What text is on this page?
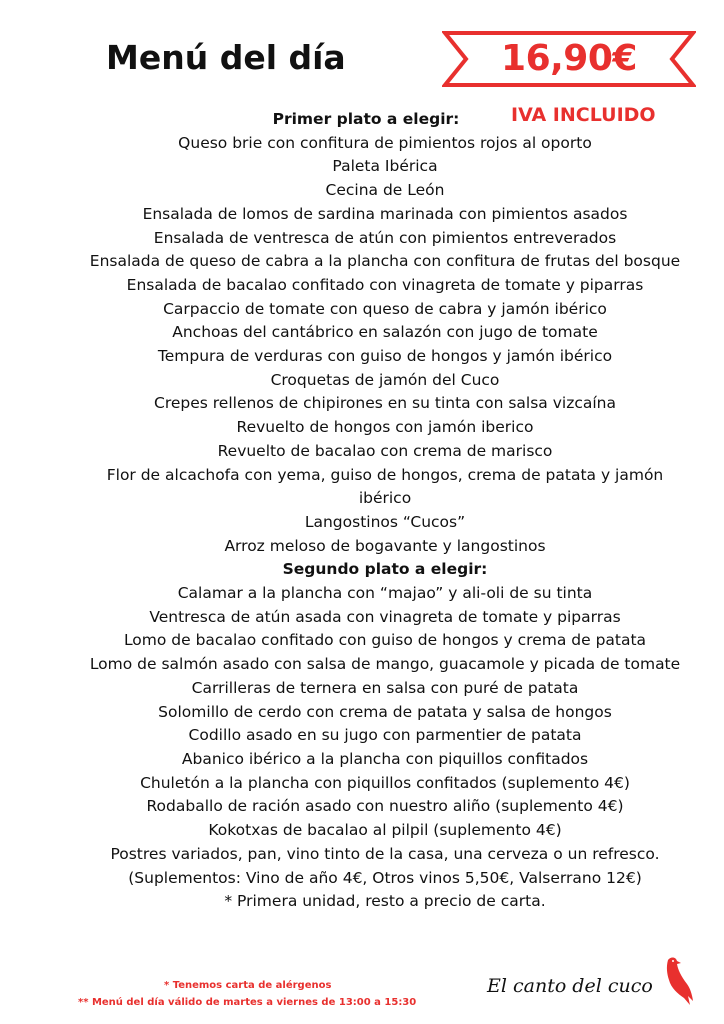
Menú del día	16,90€
IVA INCLUIDO
Primer plato a elegir:
Queso brie con confitura de pimientos rojos al oporto
Paleta Ibérica
Cecina de León
Ensalada de lomos de sardina marinada con pimientos asados
Ensalada de ventresca de atún con pimientos entreverados
Ensalada de queso de cabra a la plancha con confitura de frutas del bosque
Ensalada de bacalao confitado con vinagreta de tomate y piparras
Carpaccio de tomate con queso de cabra y jamón ibérico
Anchoas del cantábrico en salazón con jugo de tomate
Tempura de verduras con guiso de hongos y jamón ibérico
Croquetas de jamón del Cuco
Crepes rellenos de chipirones en su tinta con salsa vizcaína
Revuelto de hongos con jamón iberico
Revuelto de bacalao con crema de marisco
Flor de alcachofa con yema, guiso de hongos, crema de patata y jamón ibérico
Langostinos “Cucos”
Arroz meloso de bogavante y langostinos
Segundo plato a elegir:
Calamar a la plancha con “majao” y ali-oli de su tinta
Ventresca de atún asada con vinagreta de tomate y piparras
Lomo de bacalao confitado con guiso de hongos y crema de patata
Lomo de salmón asado con salsa de mango, guacamole y picada de tomate
Carrilleras de ternera en salsa con puré de patata
Solomillo de cerdo con crema de patata y salsa de hongos
Codillo asado en su jugo con parmentier de patata
Abanico ibérico a la plancha con piquillos confitados
Chuletón a la plancha con piquillos confitados (suplemento 4€)
Rodaballo de ración asado con nuestro aliño (suplemento 4€)
Kokotxas de bacalao al pilpil (suplemento 4€)
Postres variados, pan, vino tinto de la casa, una cerveza o un refresco.
(Suplementos: Vino de año 4€, Otros vinos 5,50€, Valserrano 12€)
* Primera unidad, resto a precio de carta.
* Tenemos carta de alérgenos
** Menú del día válido de martes a viernes de 13:00 a 15:30
El canto del cuco
